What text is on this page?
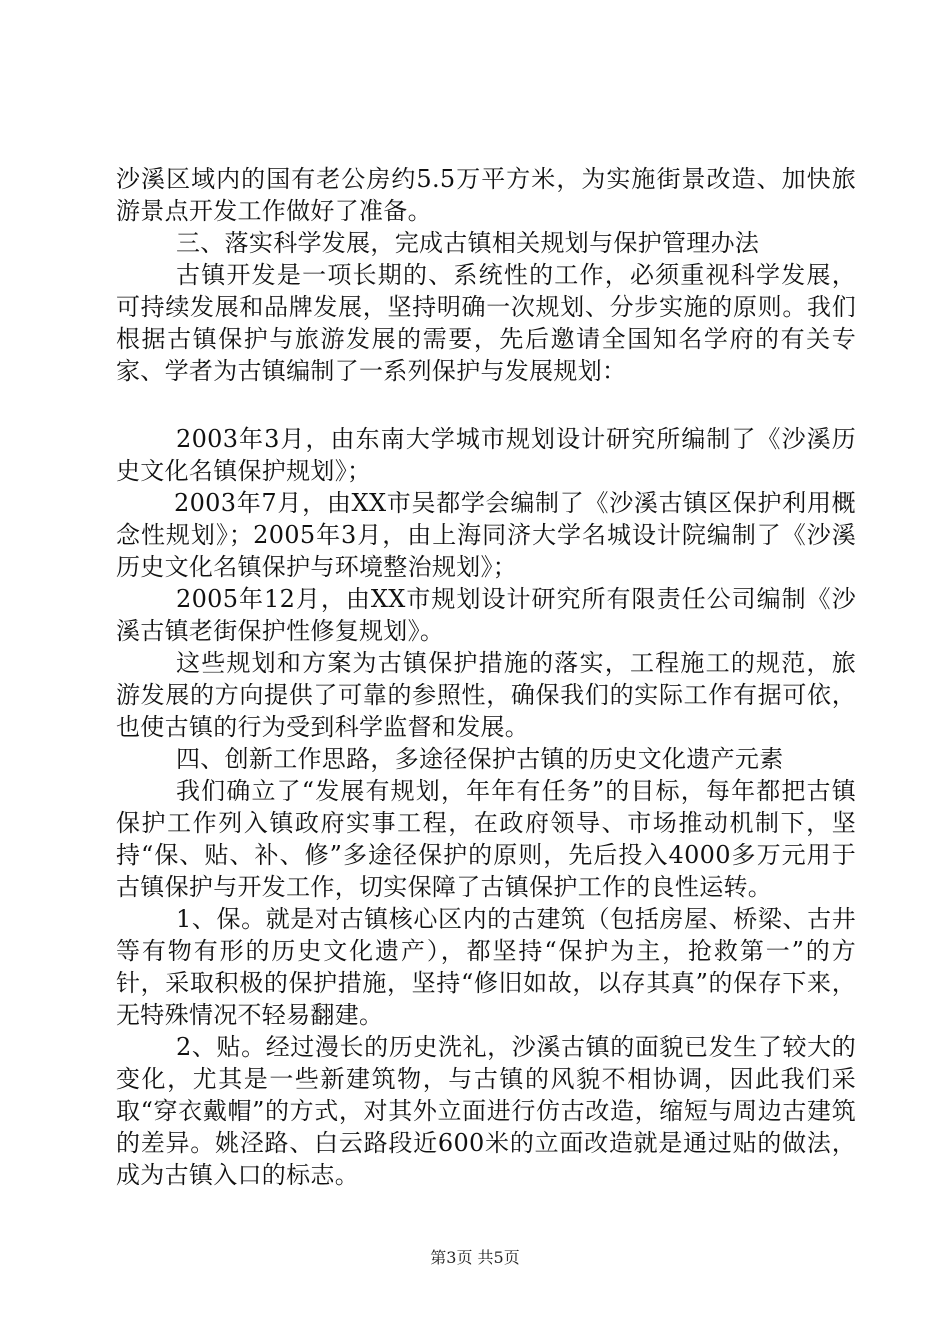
沙溪区域内的国有老公房约5.5万平方米，为实施街景改造、加快旅游景点开发工作做好了准备。

三、落实科学发展，完成古镇相关规划与保护管理办法

古镇开发是一项长期的、系统性的工作，必须重视科学发展，可持续发展和品牌发展，坚持明确一次规划、分步实施的原则。我们根据古镇保护与旅游发展的需要，先后邀请全国知名学府的有关专家、学者为古镇编制了一系列保护与发展规划：

2003年3月，由东南大学城市规划设计研究所编制了《沙溪历史文化名镇保护规划》；

2003年7月，由XX市吴都学会编制了《沙溪古镇区保护利用概念性规划》；2005年3月，由上海同济大学名城设计院编制了《沙溪历史文化名镇保护与环境整治规划》；

2005年12月，由XX市规划设计研究所有限责任公司编制《沙溪古镇老街保护性修复规划》。

这些规划和方案为古镇保护措施的落实，工程施工的规范，旅游发展的方向提供了可靠的参照性，确保我们的实际工作有据可依，也使古镇的行为受到科学监督和发展。

四、创新工作思路，多途径保护古镇的历史文化遗产元素

我们确立了“发展有规划，年年有任务”的目标，每年都把古镇保护工作列入镇政府实事工程，在政府领导、市场推动机制下，坚持“保、贴、补、修”多途径保护的原则，先后投入4000多万元用于古镇保护与开发工作，切实保障了古镇保护工作的良性运转。

1、保。就是对古镇核心区内的古建筑（包括房屋、桥梁、古井等有物有形的历史文化遗产），都坚持“保护为主，抢救第一”的方针，采取积极的保护措施，坚持“修旧如故，以存其真”的保存下来，无特殊情况不轻易翻建。

2、贴。经过漫长的历史洗礼，沙溪古镇的面貌已发生了较大的变化，尤其是一些新建筑物，与古镇的风貌不相协调，因此我们采取“穿衣戴帽”的方式，对其外立面进行仿古改造，缩短与周边古建筑的差异。姚泾路、白云路段近600米的立面改造就是通过贴的做法，成为古镇入口的标志。

第3页 共5页
